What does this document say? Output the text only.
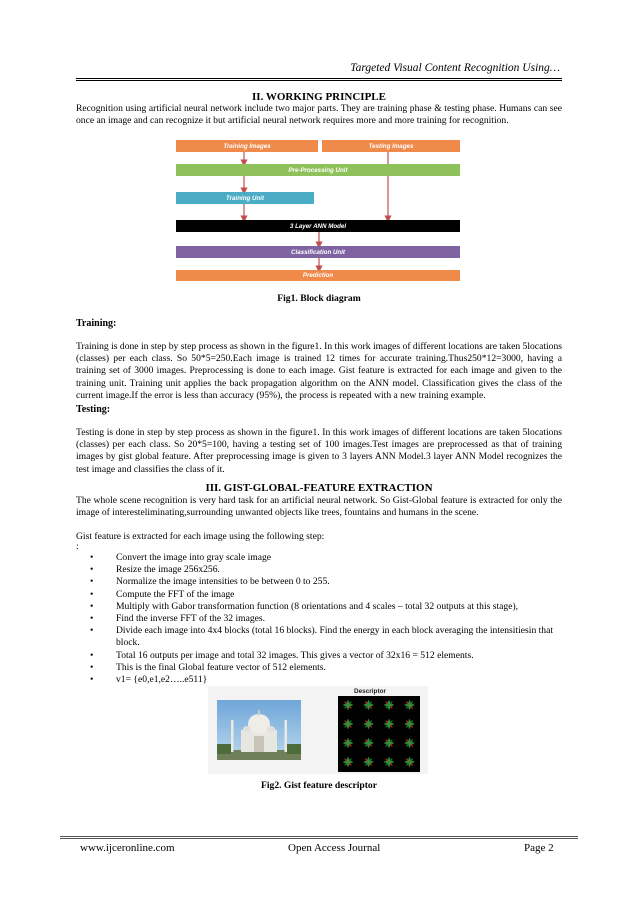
Targeted Visual Content Recognition Using…
II. WORKING PRINCIPLE

Recognition using artificial neural network include two major parts. They are training phase & testing phase. Humans can see once an image and can recognize it but artificial neural network requires more and more training for recognition.

Training Images	Testing Images
Pre-Processing Unit
Training Unit
3 Layer ANN Model
Classification Unit
Prediction
Fig1. Block diagram
Training:

Training is done in step by step process as shown in the figure1. In this work images of different locations are taken 5locations (classes) per each class. So 50*5=250.Each image is trained 12 times for accurate training.Thus250*12=3000, having a training set of 3000 images. Preprocessing is done to each image. Gist feature is extracted for each image and given to the training unit. Training unit applies the back propagation algorithm on the ANN model. Classification gives the class of the current image.If the error is less than accuracy (95%), the process is repeated with a new training example.

Testing:

Testing is done in step by step process as shown in the figure1. In this work images of different locations are taken 5locations (classes) per each class. So 20*5=100, having a testing set of 100 images.Test images are preprocessed as that of training images by gist global feature. After preprocessing image is given to 3 layers ANN Model.3 layer ANN Model recognizes the test image and classifies the class of it.

III. GIST-GLOBAL-FEATURE EXTRACTION

The whole scene recognition is very hard task for an artificial neural network. So Gist-Global feature is extracted for only the image of interesteliminating,surrounding unwanted objects like trees, fountains and humans in the scene.

Gist feature is extracted for each image using the following step:

:

• Convert the image into gray scale image
• Resize the image 256x256.
• Normalize the image intensities to be between 0 to 255.
• Compute the FFT of the image
• Multiply with Gabor transformation function (8 orientations and 4 scales – total 32 outputs at this stage),
• Find the inverse FFT of the 32 images.
• Divide each image into 4x4 blocks (total 16 blocks). Find the energy in each block averaging the intensitiesin that block.
• Total 16 outputs per image and total 32 images. This gives a vector of 32x16 = 512 elements.
• This is the final Global feature vector of 512 elements.
• v1= {e0,e1,e2…..e511}
Descriptor
Fig2. Gist feature descriptor
www.ijceronline.com	Open Access Journal	Page 2
